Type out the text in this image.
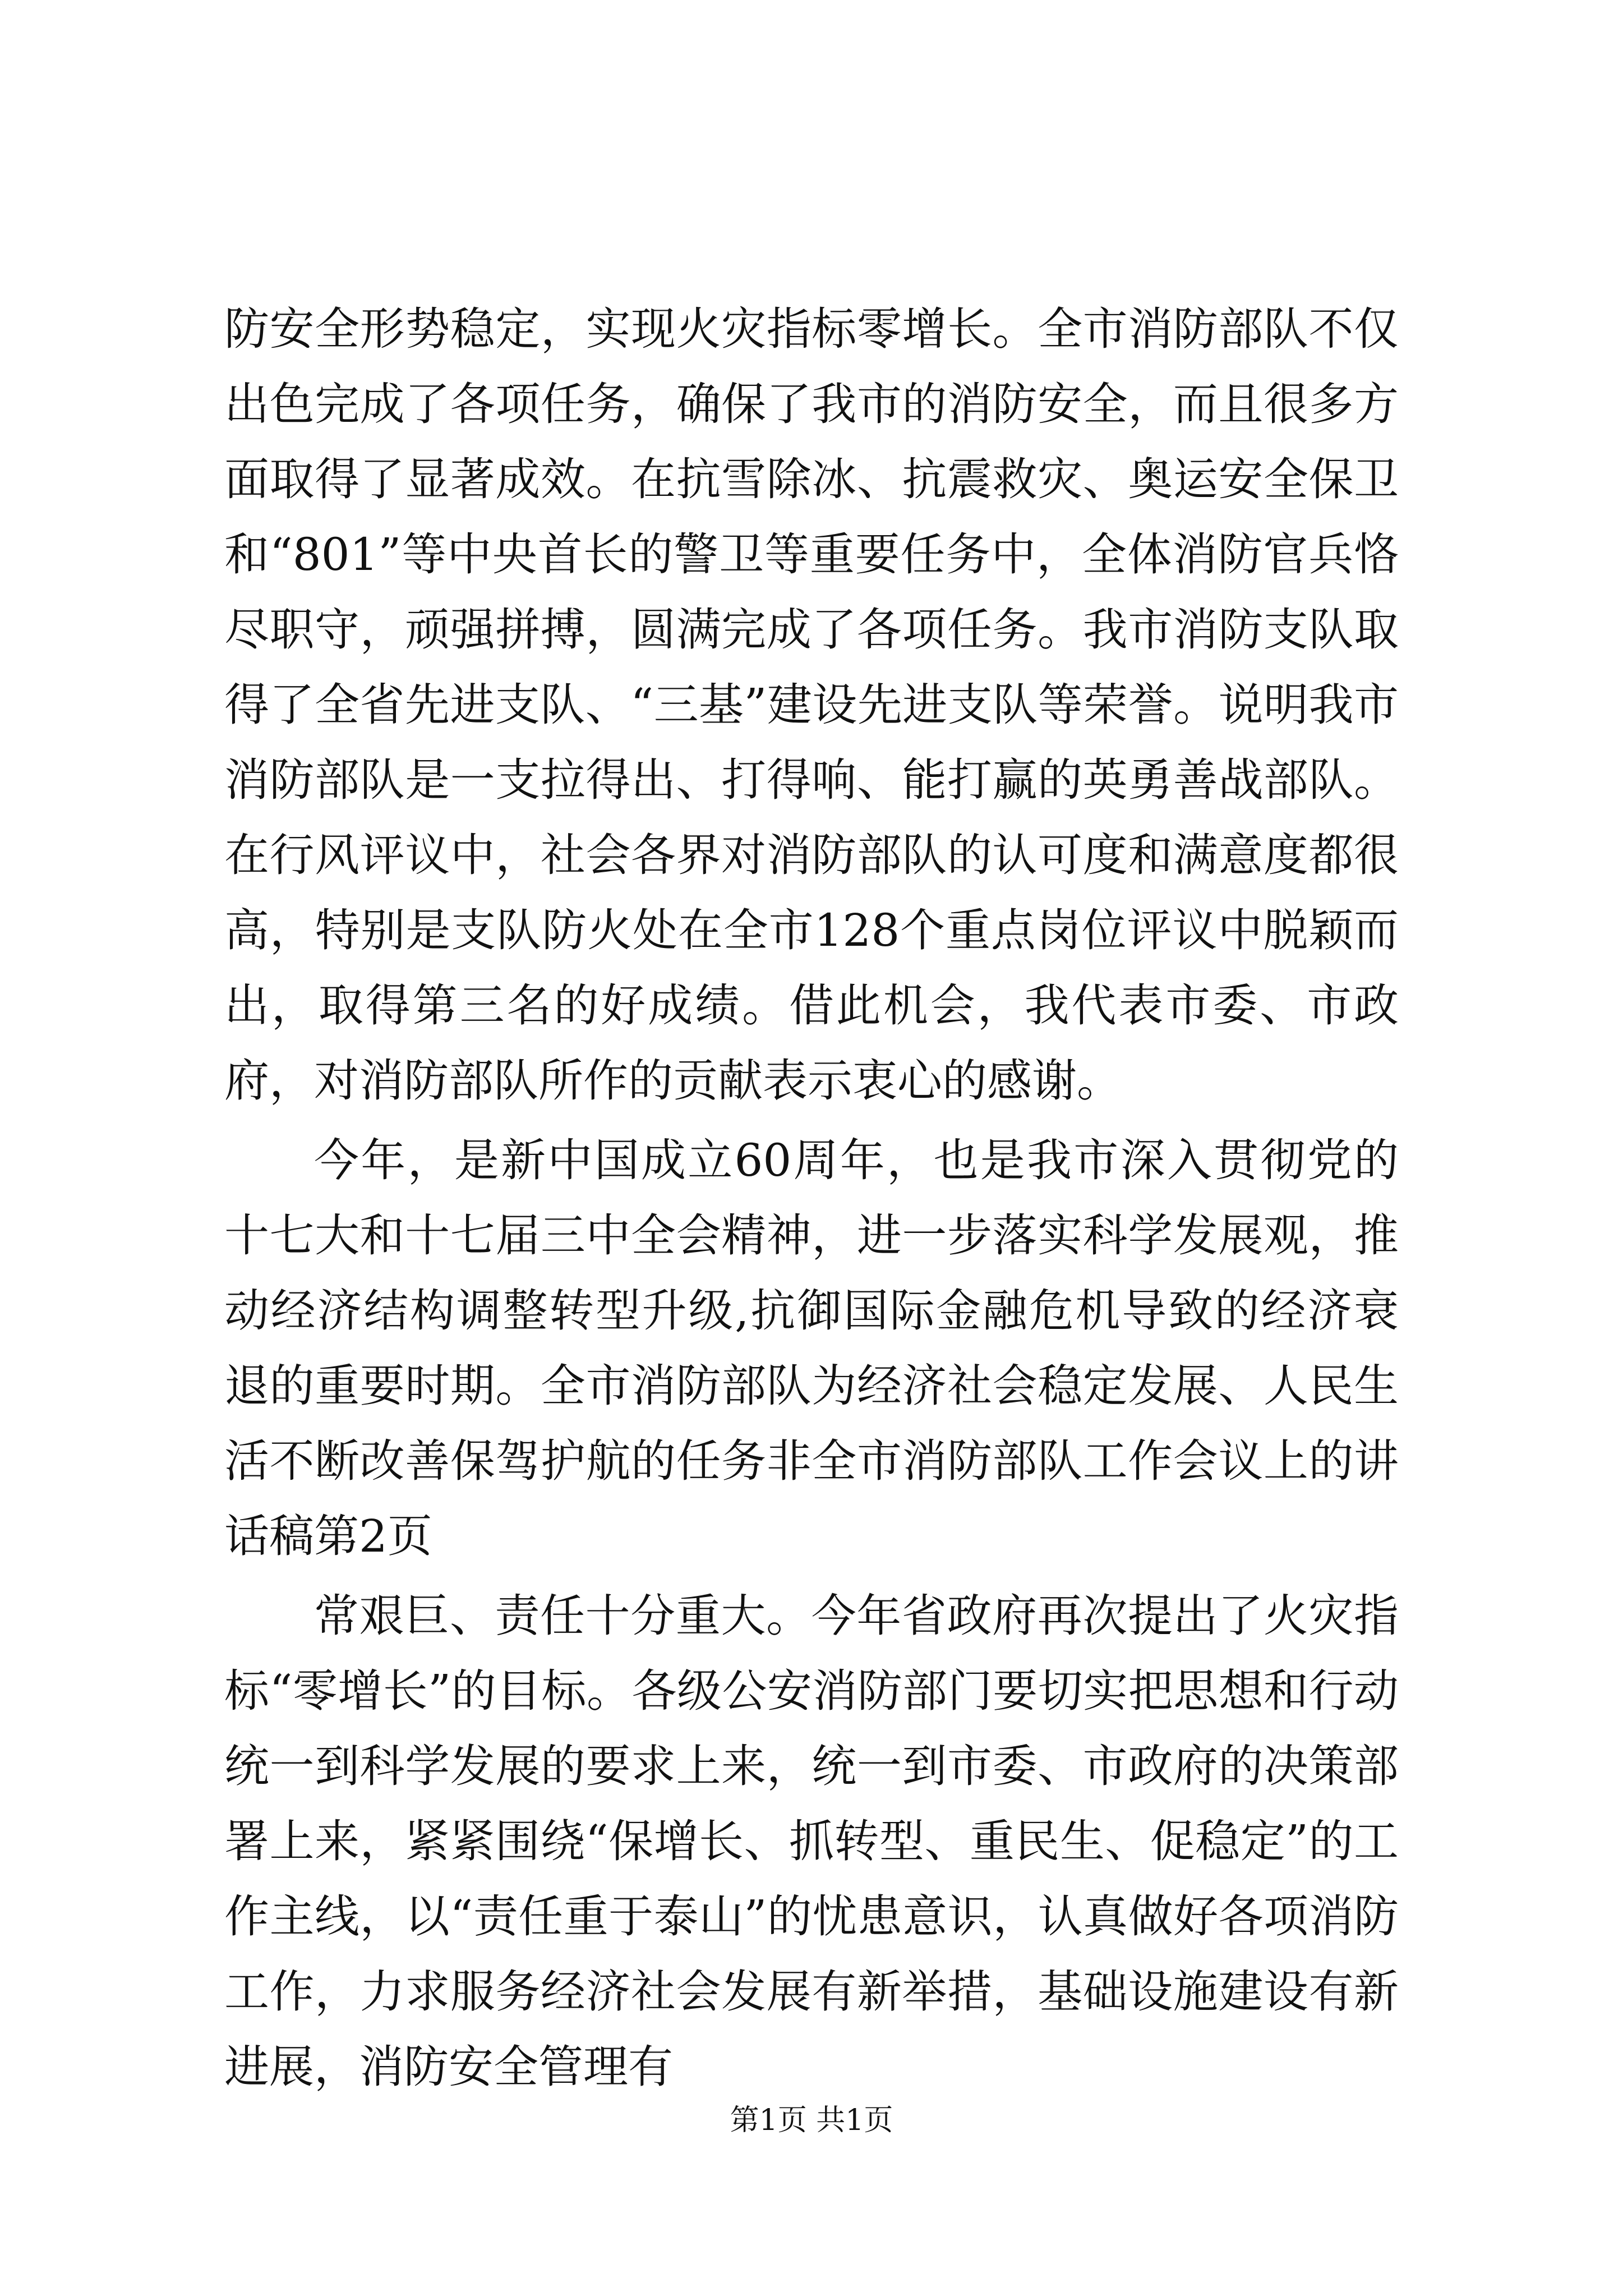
防安全形势稳定，实现火灾指标零增长。全市消防部队不仅出色完成了各项任务，确保了我市的消防安全，而且很多方面取得了显著成效。在抗雪除冰、抗震救灾、奥运安全保卫和“801”等中央首长的警卫等重要任务中，全体消防官兵恪尽职守，顽强拼搏，圆满完成了各项任务。我市消防支队取得了全省先进支队、“三基”建设先进支队等荣誉。说明我市消防部队是一支拉得出、打得响、能打赢的英勇善战部队。在行风评议中，社会各界对消防部队的认可度和满意度都很高，特别是支队防火处在全市128个重点岗位评议中脱颖而出，取得第三名的好成绩。借此机会，我代表市委、市政府，对消防部队所作的贡献表示衷心的感谢。

今年，是新中国成立60周年，也是我市深入贯彻党的十七大和十七届三中全会精神，进一步落实科学发展观，推动经济结构调整转型升级,抗御国际金融危机导致的经济衰退的重要时期。全市消防部队为经济社会稳定发展、人民生活不断改善保驾护航的任务非全市消防部队工作会议上的讲话稿第2页

常艰巨、责任十分重大。今年省政府再次提出了火灾指标“零增长”的目标。各级公安消防部门要切实把思想和行动统一到科学发展的要求上来，统一到市委、市政府的决策部署上来，紧紧围绕“保增长、抓转型、重民生、促稳定”的工作主线，以“责任重于泰山”的忧患意识，认真做好各项消防工作，力求服务经济社会发展有新举措，基础设施建设有新进展，消防安全管理有

第1页 共1页
